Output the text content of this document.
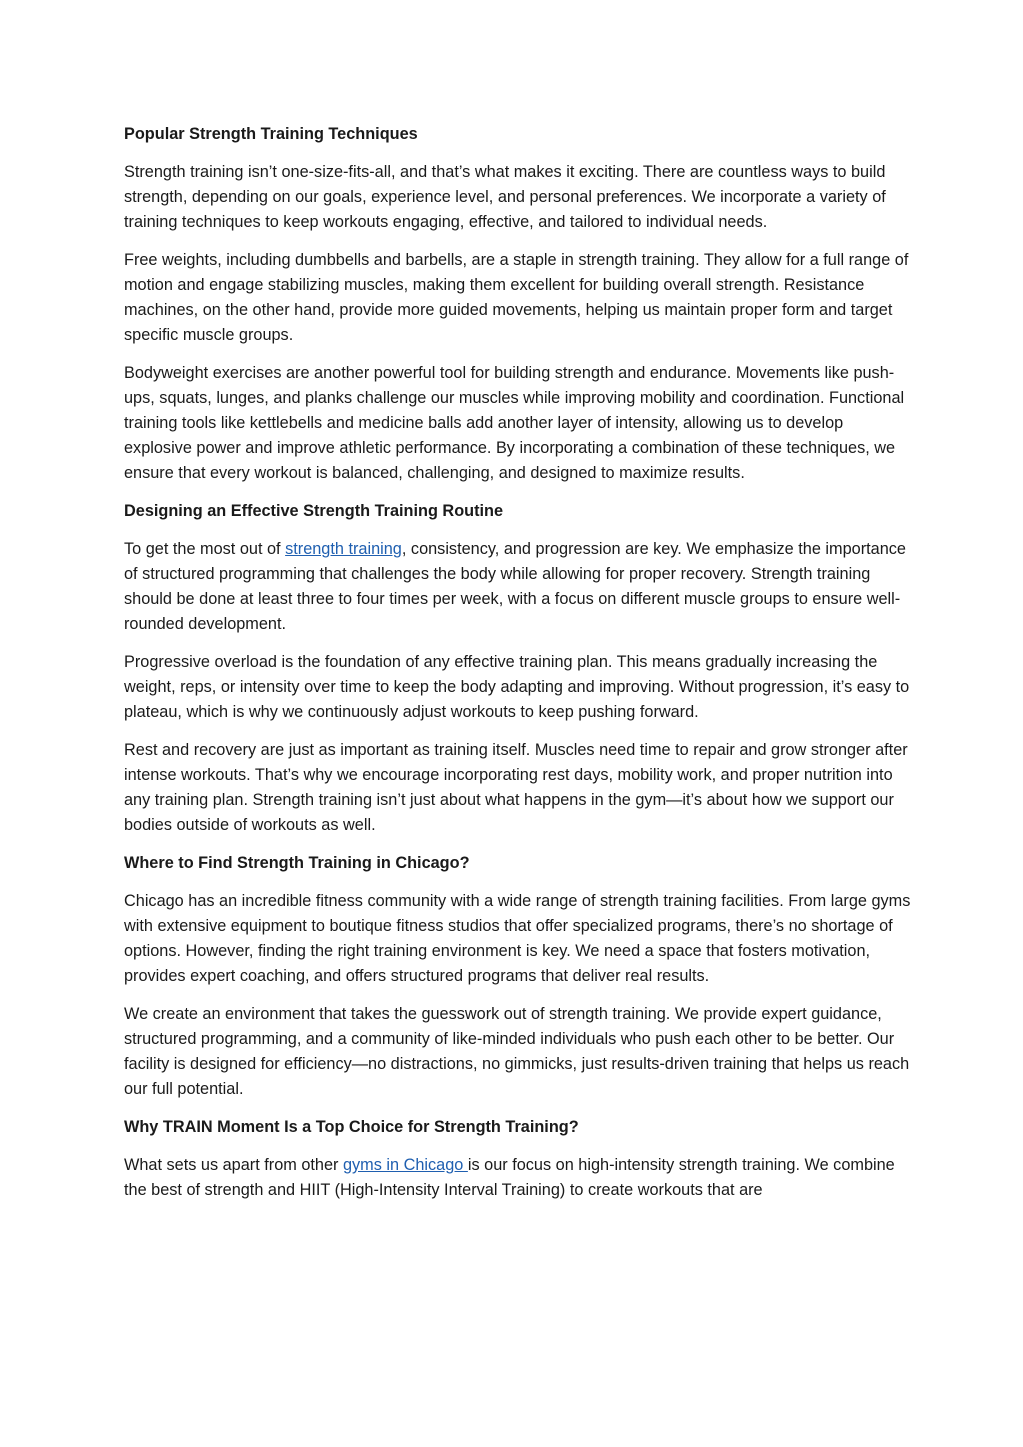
Popular Strength Training Techniques

Strength training isn’t one-size-fits-all, and that’s what makes it exciting. There are countless ways to build strength, depending on our goals, experience level, and personal preferences. We incorporate a variety of training techniques to keep workouts engaging, effective, and tailored to individual needs.

Free weights, including dumbbells and barbells, are a staple in strength training. They allow for a full range of motion and engage stabilizing muscles, making them excellent for building overall strength. Resistance machines, on the other hand, provide more guided movements, helping us maintain proper form and target specific muscle groups.

Bodyweight exercises are another powerful tool for building strength and endurance. Movements like push-ups, squats, lunges, and planks challenge our muscles while improving mobility and coordination. Functional training tools like kettlebells and medicine balls add another layer of intensity, allowing us to develop explosive power and improve athletic performance. By incorporating a combination of these techniques, we ensure that every workout is balanced, challenging, and designed to maximize results.

Designing an Effective Strength Training Routine

To get the most out of strength training, consistency, and progression are key. We emphasize the importance of structured programming that challenges the body while allowing for proper recovery. Strength training should be done at least three to four times per week, with a focus on different muscle groups to ensure well-rounded development.

Progressive overload is the foundation of any effective training plan. This means gradually increasing the weight, reps, or intensity over time to keep the body adapting and improving. Without progression, it’s easy to plateau, which is why we continuously adjust workouts to keep pushing forward.

Rest and recovery are just as important as training itself. Muscles need time to repair and grow stronger after intense workouts. That’s why we encourage incorporating rest days, mobility work, and proper nutrition into any training plan. Strength training isn’t just about what happens in the gym—it’s about how we support our bodies outside of workouts as well.

Where to Find Strength Training in Chicago?

Chicago has an incredible fitness community with a wide range of strength training facilities. From large gyms with extensive equipment to boutique fitness studios that offer specialized programs, there’s no shortage of options. However, finding the right training environment is key. We need a space that fosters motivation, provides expert coaching, and offers structured programs that deliver real results.

We create an environment that takes the guesswork out of strength training. We provide expert guidance, structured programming, and a community of like-minded individuals who push each other to be better. Our facility is designed for efficiency—no distractions, no gimmicks, just results-driven training that helps us reach our full potential.

Why TRAIN Moment Is a Top Choice for Strength Training?

What sets us apart from other gyms in Chicago is our focus on high-intensity strength training. We combine the best of strength and HIIT (High-Intensity Interval Training) to create workouts that are
